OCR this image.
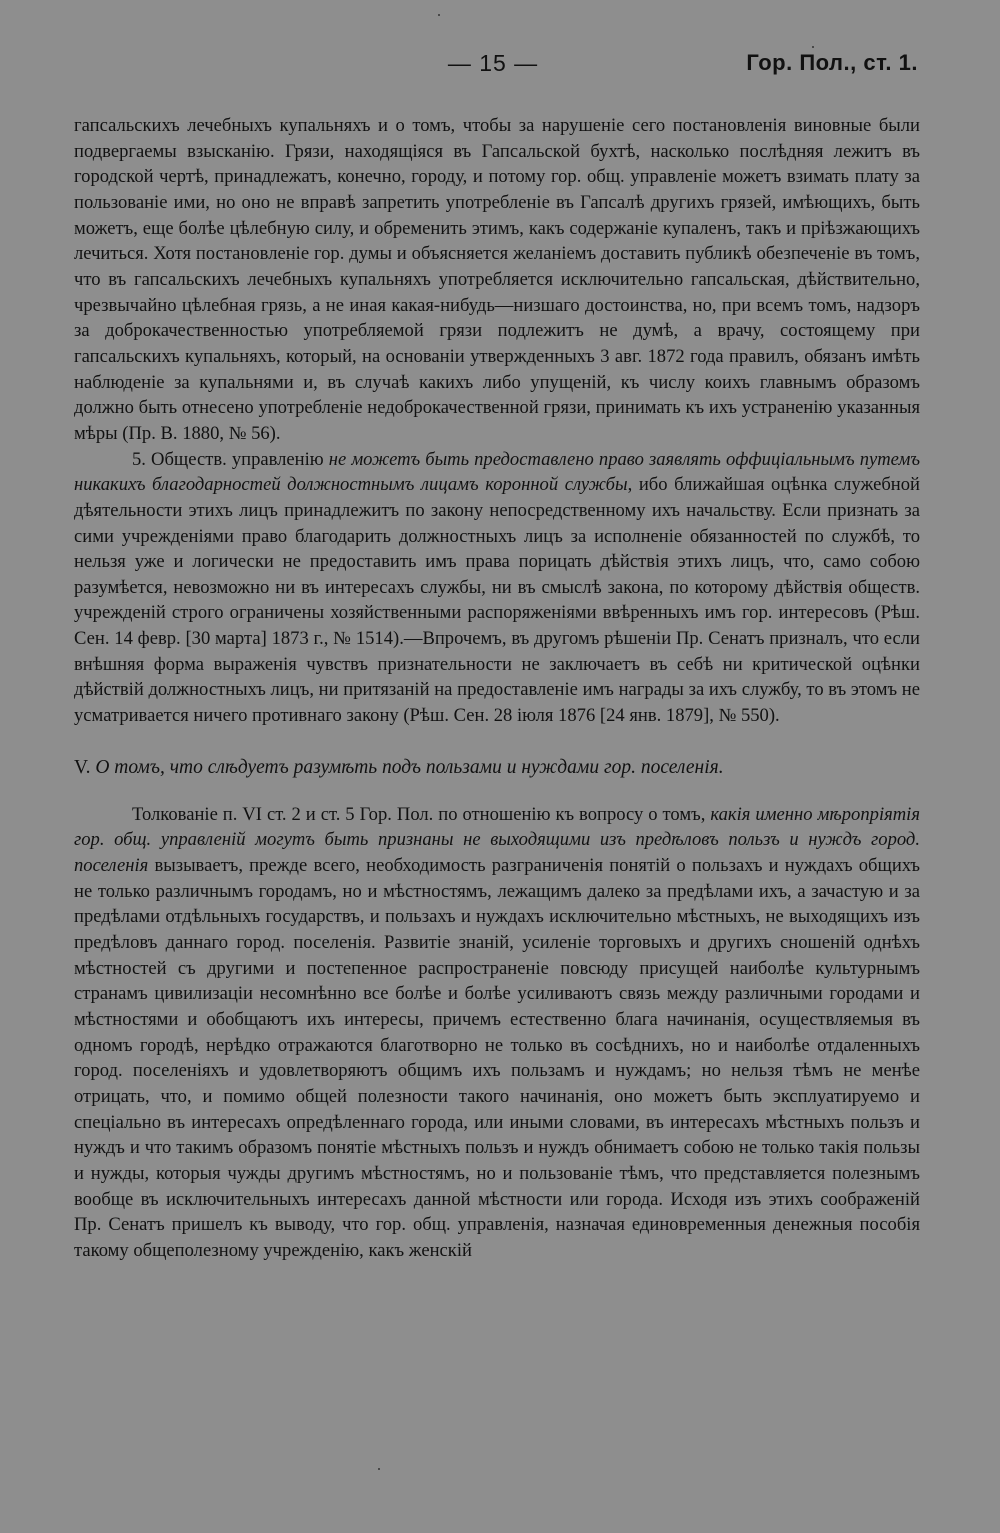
— 15 —	Гор. Пол., ст. 1.

гапсальскихъ лечебныхъ купальняхъ и о томъ, чтобы за нарушеніе сего постановленія виновные были подвергаемы взысканію. Грязи, находящіяся въ Гапсальской бухтѣ, насколько послѣдняя лежитъ въ городской чертѣ, принадлежатъ, конечно, городу, и потому гор. общ. управленіе можетъ взимать плату за пользованіе ими, но оно не вправѣ запретить употребленіе въ Гапсалѣ другихъ грязей, имѣющихъ, быть можетъ, еще болѣе цѣлебную силу, и обременить этимъ, какъ содержаніе купаленъ, такъ и пріѣзжающихъ лечиться. Хотя постановленіе гор. думы и объясняется желаніемъ доставить публикѣ обезпеченіе въ томъ, что въ гапсальскихъ лечебныхъ купальняхъ употребляется исключительно гапсальская, дѣйствительно, чрезвычайно цѣлебная грязь, а не иная какая-нибудь—низшаго достоинства, но, при всемъ томъ, надзоръ за доброкачественностью употребляемой грязи подлежитъ не думѣ, а врачу, состоящему при гапсальскихъ купальняхъ, который, на основаніи утвержденныхъ 3 авг. 1872 года правилъ, обязанъ имѣть наблюденіе за купальнями и, въ случаѣ какихъ либо упущеній, къ числу коихъ главнымъ образомъ должно быть отнесено употребленіе недоброкачественной грязи, принимать къ ихъ устраненію указанныя мѣры (Пр. В. 1880, № 56).

5. Обществ. управленію не можетъ быть предоставлено право заявлять оффиціальнымъ путемъ никакихъ благодарностей должностнымъ лицамъ коронной службы, ибо ближайшая оцѣнка служебной дѣятельности этихъ лицъ принадлежитъ по закону непосредственному ихъ начальству. Если признать за сими учрежденіями право благодарить должностныхъ лицъ за исполненіе обязанностей по службѣ, то нельзя уже и логически не предоставить имъ права порицать дѣйствія этихъ лицъ, что, само собою разумѣется, невозможно ни въ интересахъ службы, ни въ смыслѣ закона, по которому дѣйствія обществ. учрежденій строго ограничены хозяйственными распоряженіями ввѣренныхъ имъ гор. интересовъ (Рѣш. Сен. 14 февр. [30 марта] 1873 г., № 1514).—Впрочемъ, въ другомъ рѣшеніи Пр. Сенатъ призналъ, что если внѣшняя форма выраженія чувствъ признательности не заключаетъ въ себѣ ни критической оцѣнки дѣйствій должностныхъ лицъ, ни притязаній на предоставленіе имъ награды за ихъ службу, то въ этомъ не усматривается ничего противнаго закону (Рѣш. Сен. 28 іюля 1876 [24 янв. 1879], № 550).

V. О томъ, что слѣдуетъ разумѣть подъ пользами и нуждами гор. поселенія.

Толкованіе п. VI ст. 2 и ст. 5 Гор. Пол. по отношенію къ вопросу о томъ, какія именно мѣропріятія гор. общ. управленій могутъ быть признаны не выходящими изъ предѣловъ пользъ и нуждъ город. поселенія вызываетъ, прежде всего, необходимость разграниченія понятій о пользахъ и нуждахъ общихъ не только различнымъ городамъ, но и мѣстностямъ, лежащимъ далеко за предѣлами ихъ, а зачастую и за предѣлами отдѣльныхъ государствъ, и пользахъ и нуждахъ исключительно мѣстныхъ, не выходящихъ изъ предѣловъ даннаго город. поселенія. Развитіе знаній, усиленіе торговыхъ и другихъ сношеній однѣхъ мѣстностей съ другими и постепенное распространеніе повсюду присущей наиболѣе культурнымъ странамъ цивилизаціи несомнѣнно все болѣе и болѣе усиливаютъ связь между различными городами и мѣстностями и обобщаютъ ихъ интересы, причемъ естественно блага начинанія, осуществляемыя въ одномъ городѣ, нерѣдко отражаются благотворно не только въ сосѣднихъ, но и наиболѣе отдаленныхъ город. поселеніяхъ и удовлетворяютъ общимъ ихъ пользамъ и нуждамъ; но нельзя тѣмъ не менѣе отрицать, что, и помимо общей полезности такого начинанія, оно можетъ быть эксплуатируемо и спеціально въ интересахъ опредѣленнаго города, или иными словами, въ интересахъ мѣстныхъ пользъ и нуждъ и что такимъ образомъ понятіе мѣстныхъ пользъ и нуждъ обнимаетъ собою не только такія пользы и нужды, которыя чужды другимъ мѣстностямъ, но и пользованіе тѣмъ, что представляется полезнымъ вообще въ исключительныхъ интересахъ данной мѣстности или города. Исходя изъ этихъ соображеній Пр. Сенатъ пришелъ къ выводу, что гор. общ. управленія, назначая единовременныя денежныя пособія такому общеполезному учрежденію, какъ женскій
